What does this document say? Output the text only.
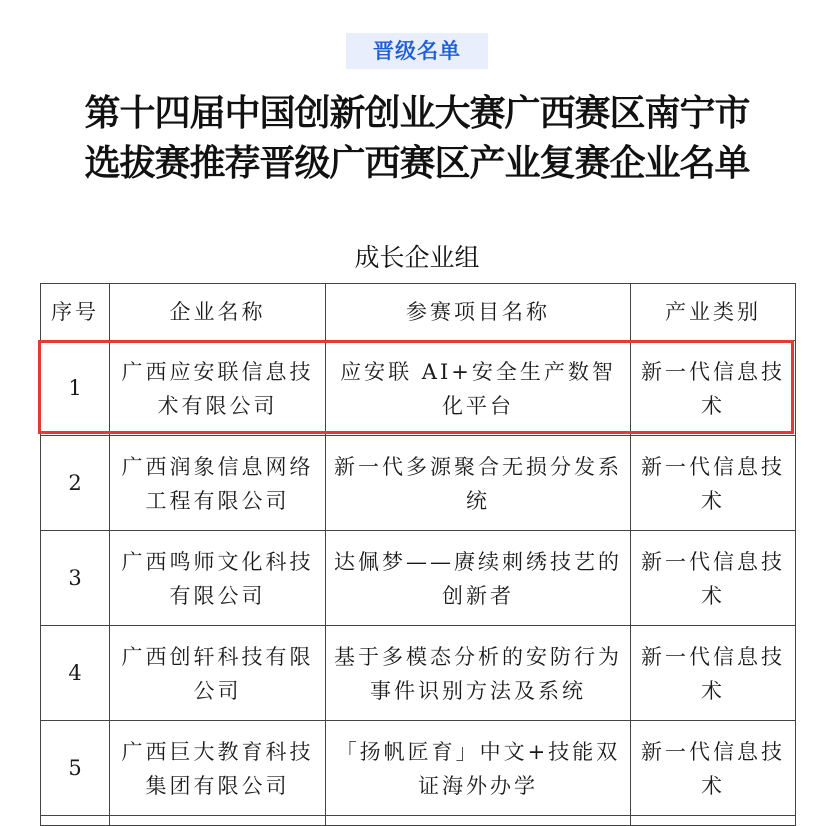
晋级名单
第十四届中国创新创业大赛广西赛区南宁市
选拔赛推荐晋级广西赛区产业复赛企业名单
成长企业组
序号	企业名称	参赛项目名称	产业类别
1	广西应安联信息技术有限公司	应安联 AI+安全生产数智化平台	新一代信息技术
2	广西润象信息网络工程有限公司	新一代多源聚合无损分发系统	新一代信息技术
3	广西鸣师文化科技有限公司	达佩梦——赓续刺绣技艺的创新者	新一代信息技术
4	广西创轩科技有限公司	基于多模态分析的安防行为事件识别方法及系统	新一代信息技术
5	广西巨大教育科技集团有限公司	「扬帆匠育」中文+技能双证海外办学	新一代信息技术
